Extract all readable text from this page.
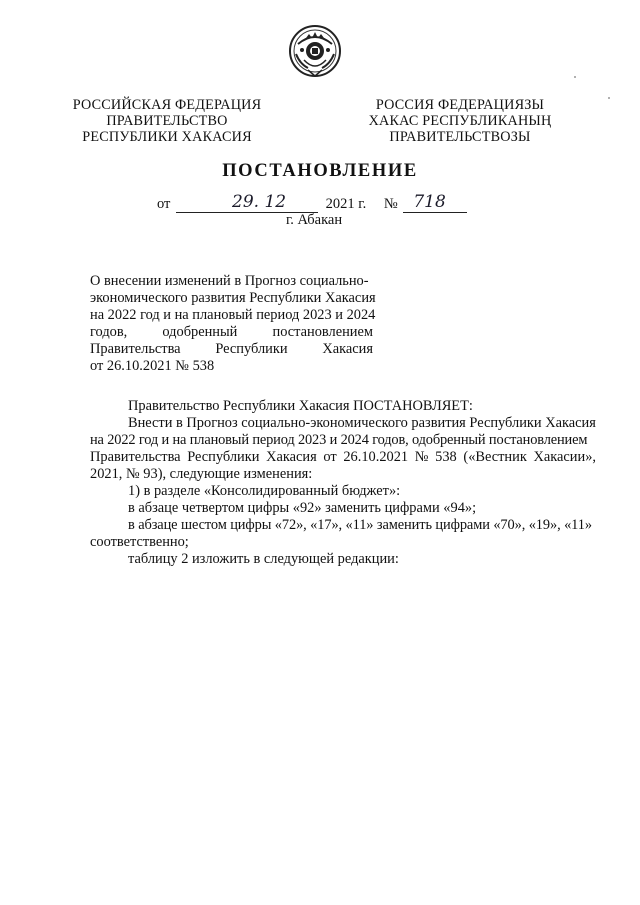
РОССИЙСКАЯ ФЕДЕРАЦИЯ
ПРАВИТЕЛЬСТВО
РЕСПУБЛИКИ ХАКАСИЯ
РОССИЯ ФЕДЕРАЦИЯЗЫ
ХАКАС РЕСПУБЛИКАНЫҢ
ПРАВИТЕЛЬСТВОЗЫ
ПОСТАНОВЛЕНИЕ
от	29. 12	2021 г. № 718
г. Абакан
О внесении изменений в Прогноз социально-
экономического развития Республики Хакасия
на 2022 год и на плановый период 2023 и 2024
годов, одобренный постановлением
Правительства Республики Хакасия
от 26.10.2021 № 538
Правительство Республики Хакасия ПОСТАНОВЛЯЕТ:
Внести в Прогноз социально-экономического развития Республики Хакасия
на 2022 год и на плановый период 2023 и 2024 годов, одобренный постановлением
Правительства Республики Хакасия от 26.10.2021 № 538 («Вестник Хакасии»,
2021, № 93), следующие изменения:
1) в разделе «Консолидированный бюджет»:
в абзаце четвертом цифры «92» заменить цифрами «94»;
в абзаце шестом цифры «72», «17», «11» заменить цифрами «70», «19», «11»
соответственно;
таблицу 2 изложить в следующей редакции:
